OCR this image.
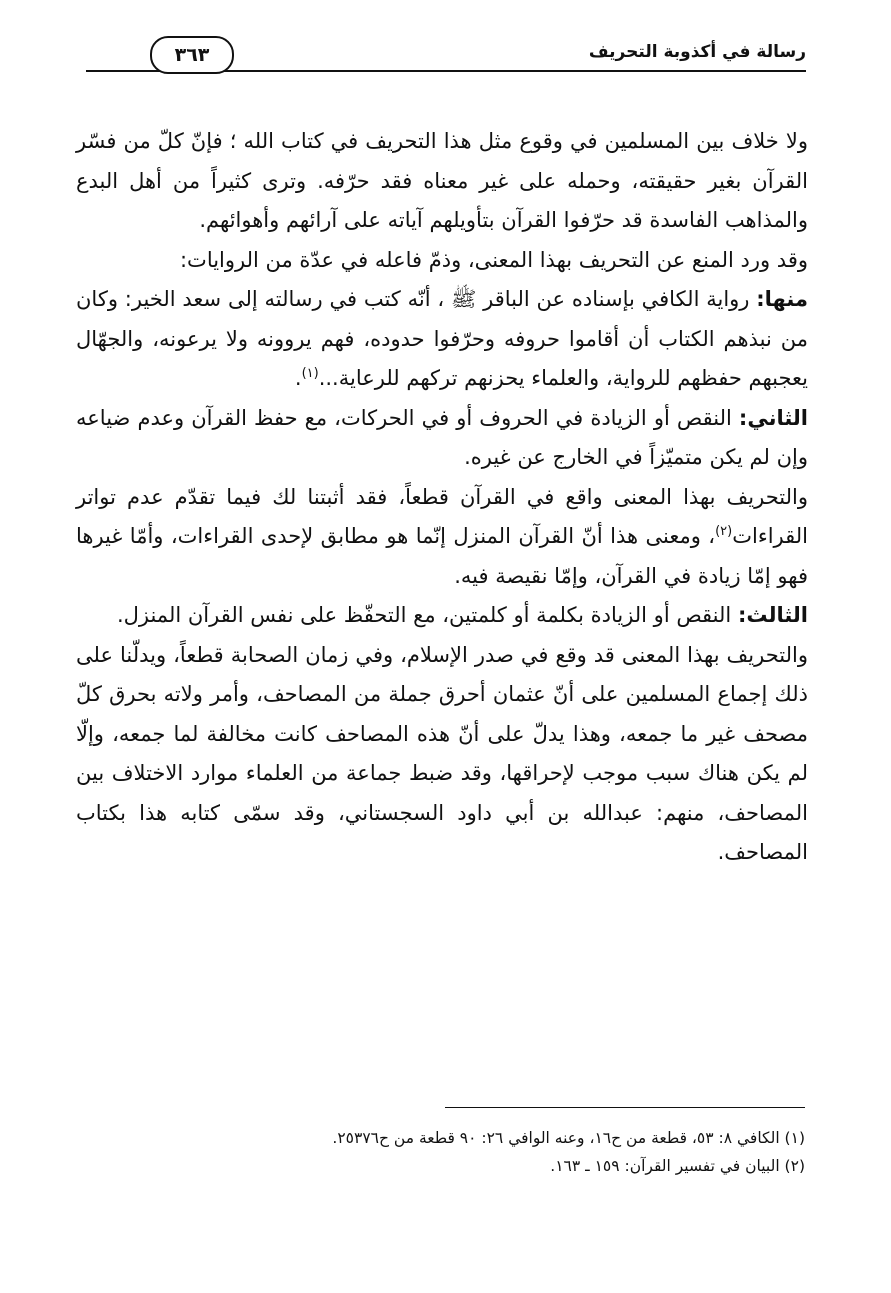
رسالة في أكذوبة التحريف
٣٦٣

ولا خلاف بين المسلمين في وقوع مثل هذا التحريف في كتاب الله ؛ فإنّ كلّ من فسّر القرآن بغير حقيقته، وحمله على غير معناه فقد حرّفه. وترى كثيراً من أهل البدع والمذاهب الفاسدة قد حرّفوا القرآن بتأويلهم آياته على آرائهم وأهوائهم.

وقد ورد المنع عن التحريف بهذا المعنى، وذمّ فاعله في عدّة من الروايات:

منها: رواية الكافي بإسناده عن الباقر ﷺ ، أنّه كتب في رسالته إلى سعد الخير: وكان من نبذهم الكتاب أن أقاموا حروفه وحرّفوا حدوده، فهم يروونه ولا يرعونه، والجهّال يعجبهم حفظهم للرواية، والعلماء يحزنهم تركهم للرعاية...$^{(١)}$.

الثاني: النقص أو الزيادة في الحروف أو في الحركات، مع حفظ القرآن وعدم ضياعه وإن لم يكن متميّزاً في الخارج عن غيره.

والتحريف بهذا المعنى واقع في القرآن قطعاً، فقد أثبتنا لك فيما تقدّم عدم تواتر القراءات$^{(٢)}$، ومعنى هذا أنّ القرآن المنزل إنّما هو مطابق لإحدى القراءات، وأمّا غيرها فهو إمّا زيادة في القرآن، وإمّا نقيصة فيه.

الثالث: النقص أو الزيادة بكلمة أو كلمتين، مع التحفّظ على نفس القرآن المنزل.

والتحريف بهذا المعنى قد وقع في صدر الإسلام، وفي زمان الصحابة قطعاً، ويدلّنا على ذلك إجماع المسلمين على أنّ عثمان أحرق جملة من المصاحف، وأمر ولاته بحرق كلّ مصحف غير ما جمعه، وهذا يدلّ على أنّ هذه المصاحف كانت مخالفة لما جمعه، وإلّا لم يكن هناك سبب موجب لإحراقها، وقد ضبط جماعة من العلماء موارد الاختلاف بين المصاحف، منهم: عبدالله بن أبي داود السجستاني، وقد سمّى كتابه هذا بكتاب المصاحف.

(١) الكافي ٨: ٥٣، قطعة من ح١٦، وعنه الوافي ٢٦: ٩٠ قطعة من ح٢٥٣٧٦.

(٢) البيان في تفسير القرآن: ١٥٩ ـ ١٦٣.
